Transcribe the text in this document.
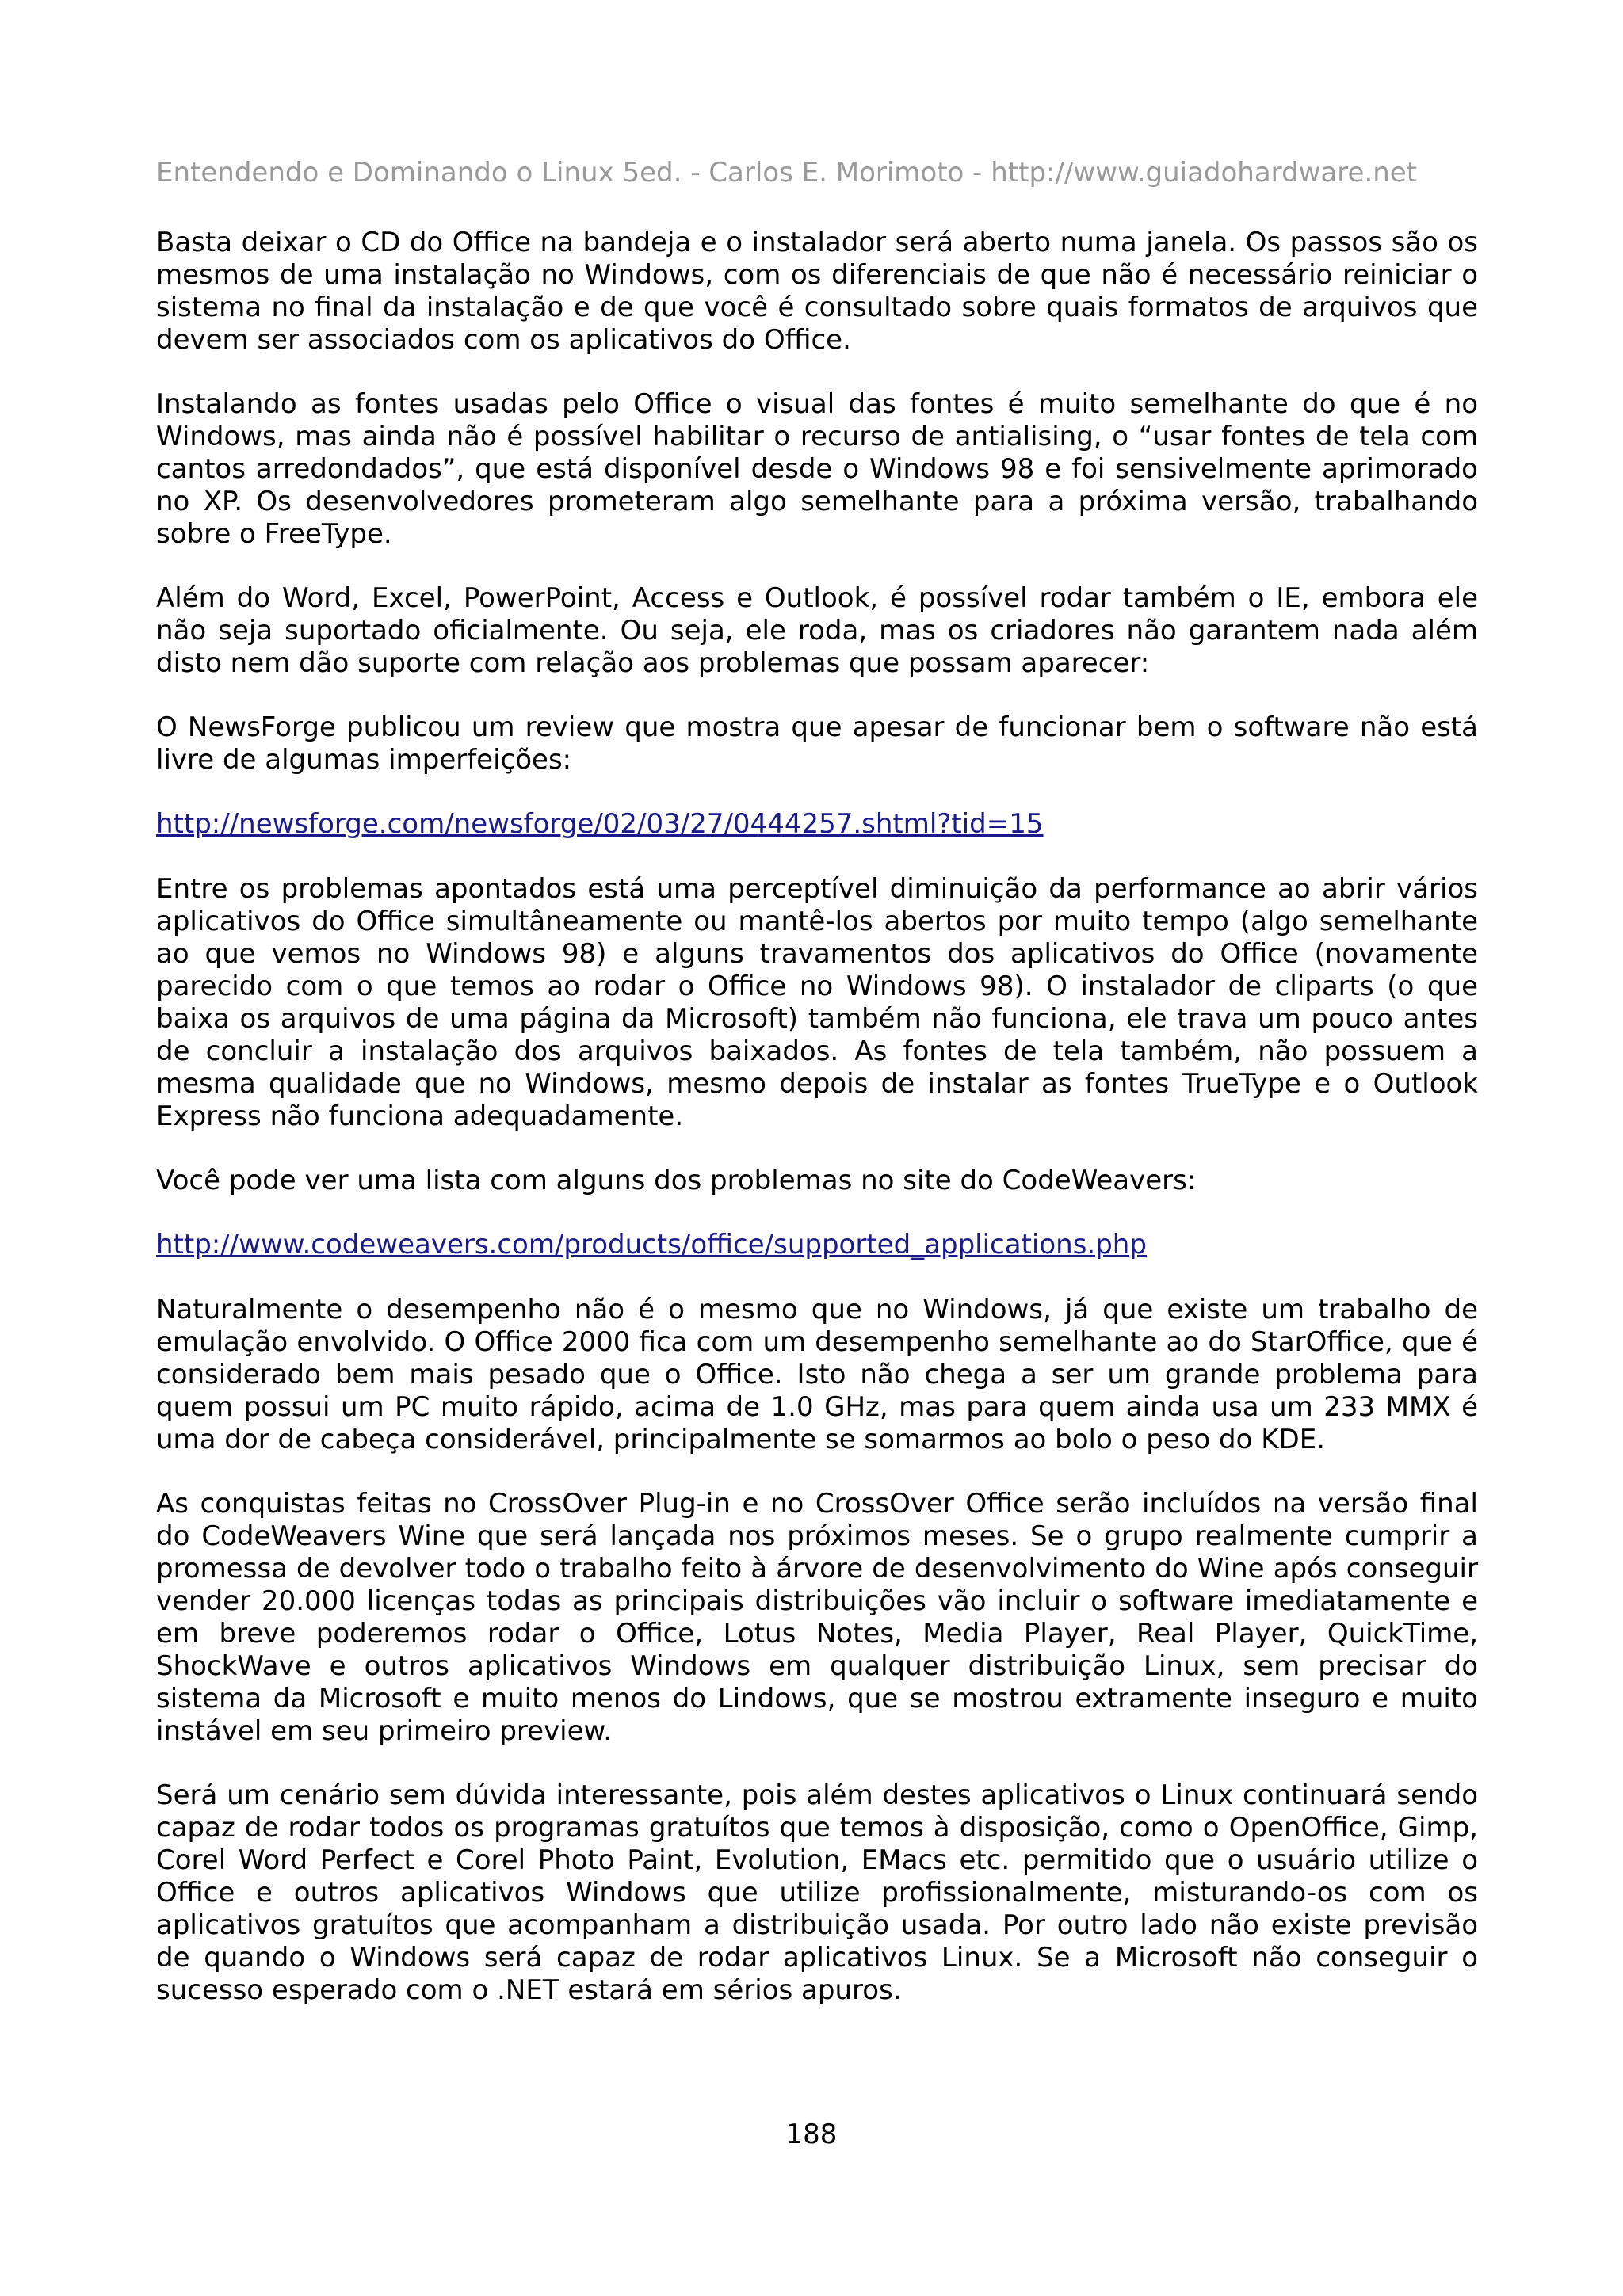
Entendendo e Dominando o Linux 5ed. - Carlos E. Morimoto - http://www.guiadohardware.net

Basta deixar o CD do Office na bandeja e o instalador será aberto numa janela. Os passos são os mesmos de uma instalação no Windows, com os diferenciais de que não é necessário reiniciar o sistema no final da instalação e de que você é consultado sobre quais formatos de arquivos que devem ser associados com os aplicativos do Office.

Instalando as fontes usadas pelo Office o visual das fontes é muito semelhante do que é no Windows, mas ainda não é possível habilitar o recurso de antialising, o “usar fontes de tela com cantos arredondados”, que está disponível desde o Windows 98 e foi sensivelmente aprimorado no XP. Os desenvolvedores prometeram algo semelhante para a próxima versão, trabalhando sobre o FreeType.

Além do Word, Excel, PowerPoint, Access e Outlook, é possível rodar também o IE, embora ele não seja suportado oficialmente. Ou seja, ele roda, mas os criadores não garantem nada além disto nem dão suporte com relação aos problemas que possam aparecer:

O NewsForge publicou um review que mostra que apesar de funcionar bem o software não está livre de algumas imperfeições:

http://newsforge.com/newsforge/02/03/27/0444257.shtml?tid=15

Entre os problemas apontados está uma perceptível diminuição da performance ao abrir vários aplicativos do Office simultâneamente ou mantê-los abertos por muito tempo (algo semelhante ao que vemos no Windows 98) e alguns travamentos dos aplicativos do Office (novamente parecido com o que temos ao rodar o Office no Windows 98). O instalador de cliparts (o que baixa os arquivos de uma página da Microsoft) também não funciona, ele trava um pouco antes de concluir a instalação dos arquivos baixados. As fontes de tela também, não possuem a mesma qualidade que no Windows, mesmo depois de instalar as fontes TrueType e o Outlook Express não funciona adequadamente.

Você pode ver uma lista com alguns dos problemas no site do CodeWeavers:

http://www.codeweavers.com/products/office/supported_applications.php

Naturalmente o desempenho não é o mesmo que no Windows, já que existe um trabalho de emulação envolvido. O Office 2000 fica com um desempenho semelhante ao do StarOffice, que é considerado bem mais pesado que o Office. Isto não chega a ser um grande problema para quem possui um PC muito rápido, acima de 1.0 GHz, mas para quem ainda usa um 233 MMX é uma dor de cabeça considerável, principalmente se somarmos ao bolo o peso do KDE.

As conquistas feitas no CrossOver Plug-in e no CrossOver Office serão incluídos na versão final do CodeWeavers Wine que será lançada nos próximos meses. Se o grupo realmente cumprir a promessa de devolver todo o trabalho feito à árvore de desenvolvimento do Wine após conseguir vender 20.000 licenças todas as principais distribuições vão incluir o software imediatamente e em breve poderemos rodar o Office, Lotus Notes, Media Player, Real Player, QuickTime, ShockWave e outros aplicativos Windows em qualquer distribuição Linux, sem precisar do sistema da Microsoft e muito menos do Lindows, que se mostrou extramente inseguro e muito instável em seu primeiro preview.

Será um cenário sem dúvida interessante, pois além destes aplicativos o Linux continuará sendo capaz de rodar todos os programas gratuítos que temos à disposição, como o OpenOffice, Gimp, Corel Word Perfect e Corel Photo Paint, Evolution, EMacs etc. permitido que o usuário utilize o Office e outros aplicativos Windows que utilize profissionalmente, misturando-os com os aplicativos gratuítos que acompanham a distribuição usada. Por outro lado não existe previsão de quando o Windows será capaz de rodar aplicativos Linux. Se a Microsoft não conseguir o sucesso esperado com o .NET estará em sérios apuros.

188
